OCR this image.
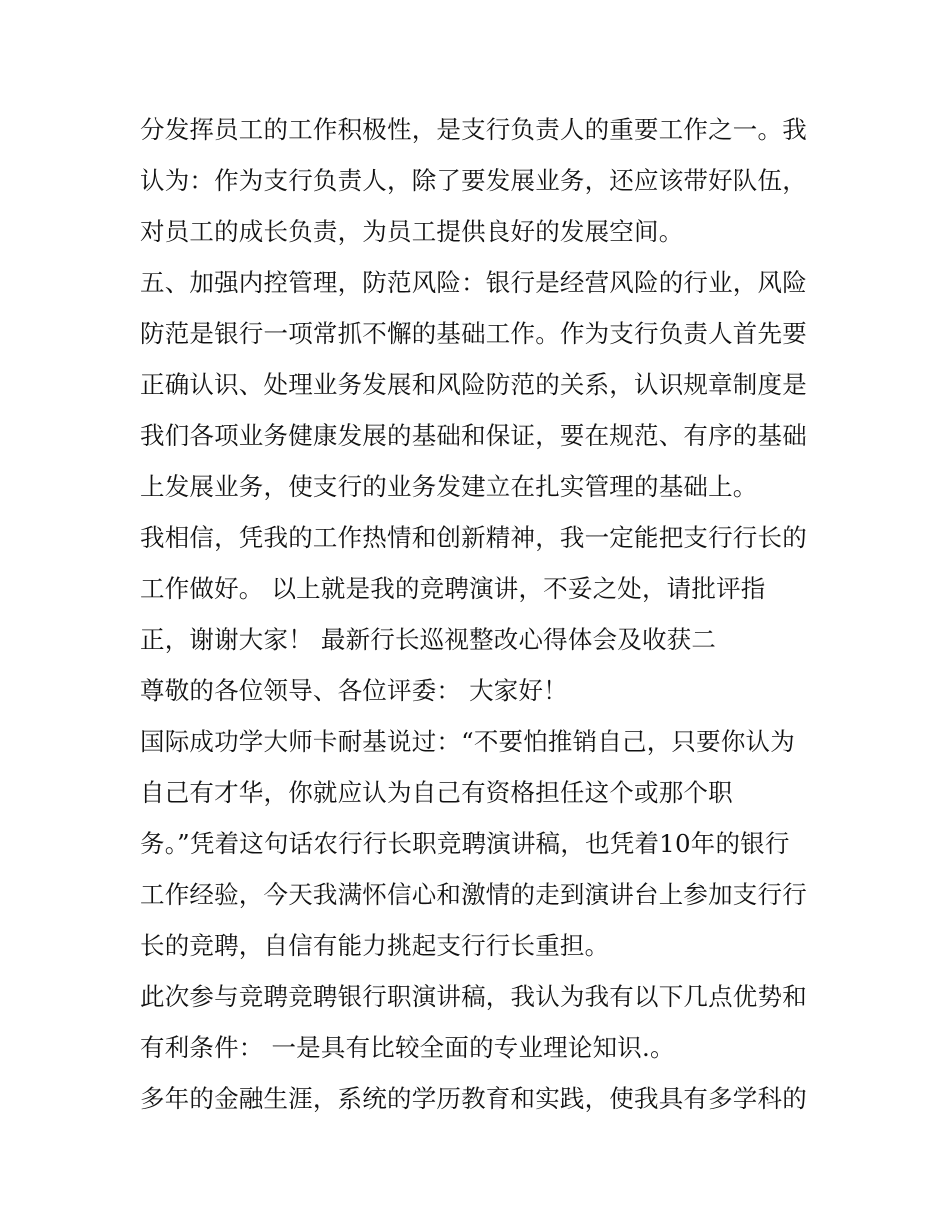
分发挥员工的工作积极性，是支行负责人的重要工作之一。我
认为：作为支行负责人，除了要发展业务，还应该带好队伍，
对员工的成长负责，为员工提供良好的发展空间。
五、加强内控管理，防范风险：银行是经营风险的行业，风险
防范是银行一项常抓不懈的基础工作。作为支行负责人首先要
正确认识、处理业务发展和风险防范的关系，认识规章制度是
我们各项业务健康发展的基础和保证，要在规范、有序的基础
上发展业务，使支行的业务发建立在扎实管理的基础上。
我相信，凭我的工作热情和创新精神，我一定能把支行行长的
工作做好。 以上就是我的竞聘演讲，不妥之处，请批评指
正，谢谢大家！ 最新行长巡视整改心得体会及收获二
尊敬的各位领导、各位评委： 大家好！
国际成功学大师卡耐基说过：“不要怕推销自己，只要你认为
自己有才华，你就应认为自己有资格担任这个或那个职
务。”凭着这句话农行行长职竞聘演讲稿，也凭着10年的银行
工作经验，今天我满怀信心和激情的走到演讲台上参加支行行
长的竞聘，自信有能力挑起支行行长重担。
此次参与竞聘竞聘银行职演讲稿，我认为我有以下几点优势和
有利条件： 一是具有比较全面的专业理论知识.。
多年的金融生涯，系统的学历教育和实践，使我具有多学科的
